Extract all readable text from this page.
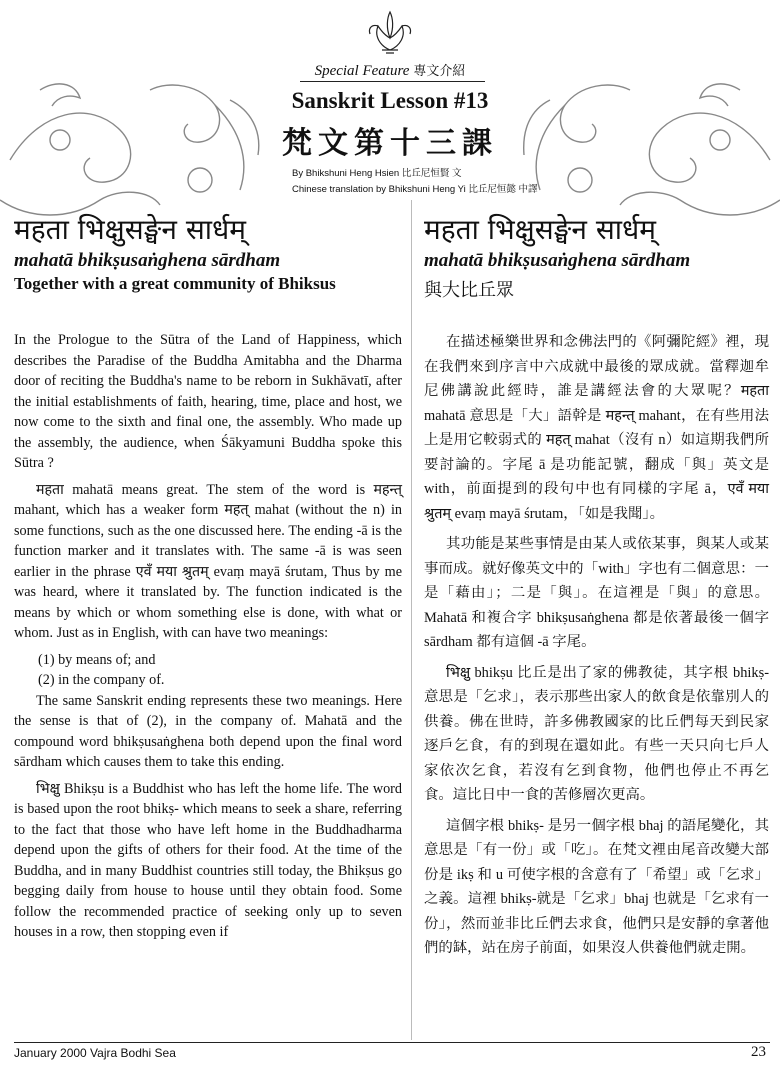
Special Feature 專文介紹
Sanskrit Lesson #13
梵文第十三課
By Bhikshuni Heng Hsien 比丘尼恒賢 文
Chinese translation by Bhikshuni Heng Yi 比丘尼恒懿 中譯
महता भिक्षुसङ्घेन सार्धम्
mahatā bhikṣusaṅghena sārdham
Together with a great community of Bhiksus
महता भिक्षुसङ्घेन सार्धम्
mahatā bhikṣusaṅghena sārdham
與大比丘眾

In the Prologue to the Sūtra of the Land of Happiness, which describes the Paradise of the Buddha Amitabha and the Dharma door of reciting the Buddha's name to be reborn in Sukhāvatī, after the initial establishments of faith, hearing, time, place and host, we now come to the sixth and final one, the assembly. Who made up the assembly, the audience, when Śākyamuni Buddha spoke this Sūtra ?

महता mahatā means great. The stem of the word is महन्त् mahant, which has a weaker form महत् mahat (without the n) in some functions, such as the one discussed here. The ending -ā is the function marker and it translates with. The same -ā is was seen earlier in the phrase एवँ मया श्रुतम् evaṃ mayā śrutam, Thus by me was heard, where it translated by. The function indicated is the means by which or whom something else is done, with what or whom. Just as in English, with can have two meanings:

(1) by means of; and

(2) in the company of.

The same Sanskrit ending represents these two meanings. Here the sense is that of (2), in the company of. Mahatā and the compound word bhikṣusaṅghena both depend upon the final word sārdham which causes them to take this ending.

भिक्षु Bhikṣu is a Buddhist who has left the home life. The word is based upon the root bhikṣ- which means to seek a share, referring to the fact that those who have left home in the Buddhadharma depend upon the gifts of others for their food. At the time of the Buddha, and in many Buddhist countries still today, the Bhikṣus go begging daily from house to house until they obtain food. Some follow the recommended practice of seeking only up to seven houses in a row, then stopping even if

在描述極樂世界和念佛法門的《阿彌陀經》裡，現在我們來到序言中六成就中最後的眾成就。當釋迦牟尼佛講說此經時，誰是講經法會的大眾呢？महता mahatā 意思是「大」語幹是 महन्त् mahant，在有些用法上是用它較弱式的 महत् mahat（沒有 n）如這期我們所要討論的。字尾 ā 是功能記號，翻成「與」英文是 with，前面提到的段句中也有同樣的字尾 ā，एवँ मया श्रुतम् evaṃ mayā śrutam，「如是我聞」。

其功能是某些事情是由某人或依某事，與某人或某事而成。就好像英文中的「with」字也有二個意思：一是「藉由」；二是「與」。在這裡是「與」的意思。Mahatā 和複合字 bhikṣusaṅghena 都是依著最後一個字 sārdham 都有這個 -ā 字尾。

भिक्षु bhikṣu 比丘是出了家的佛教徒，其字根 bhikṣ- 意思是「乞求」，表示那些出家人的飲食是依靠別人的供養。佛在世時，許多佛教國家的比丘們每天到民家逐戶乞食，有的到現在還如此。有些一天只向七戶人家依次乞食，若沒有乞到食物，他們也停止不再乞食。這比日中一食的苦修層次更高。

這個字根 bhikṣ- 是另一個字根 bhaj 的語尾變化，其意思是「有一份」或「吃」。在梵文裡由尾音改變大部份是 ikṣ 和 u 可使字根的含意有了「希望」或「乞求」之義。這裡 bhikṣ-就是「乞求」bhaj 也就是「乞求有一份」，然而並非比丘們去求食，他們只是安靜的拿著他們的缽，站在房子前面，如果沒人供養他們就走開。

January 2000 Vajra Bodhi Sea	23
